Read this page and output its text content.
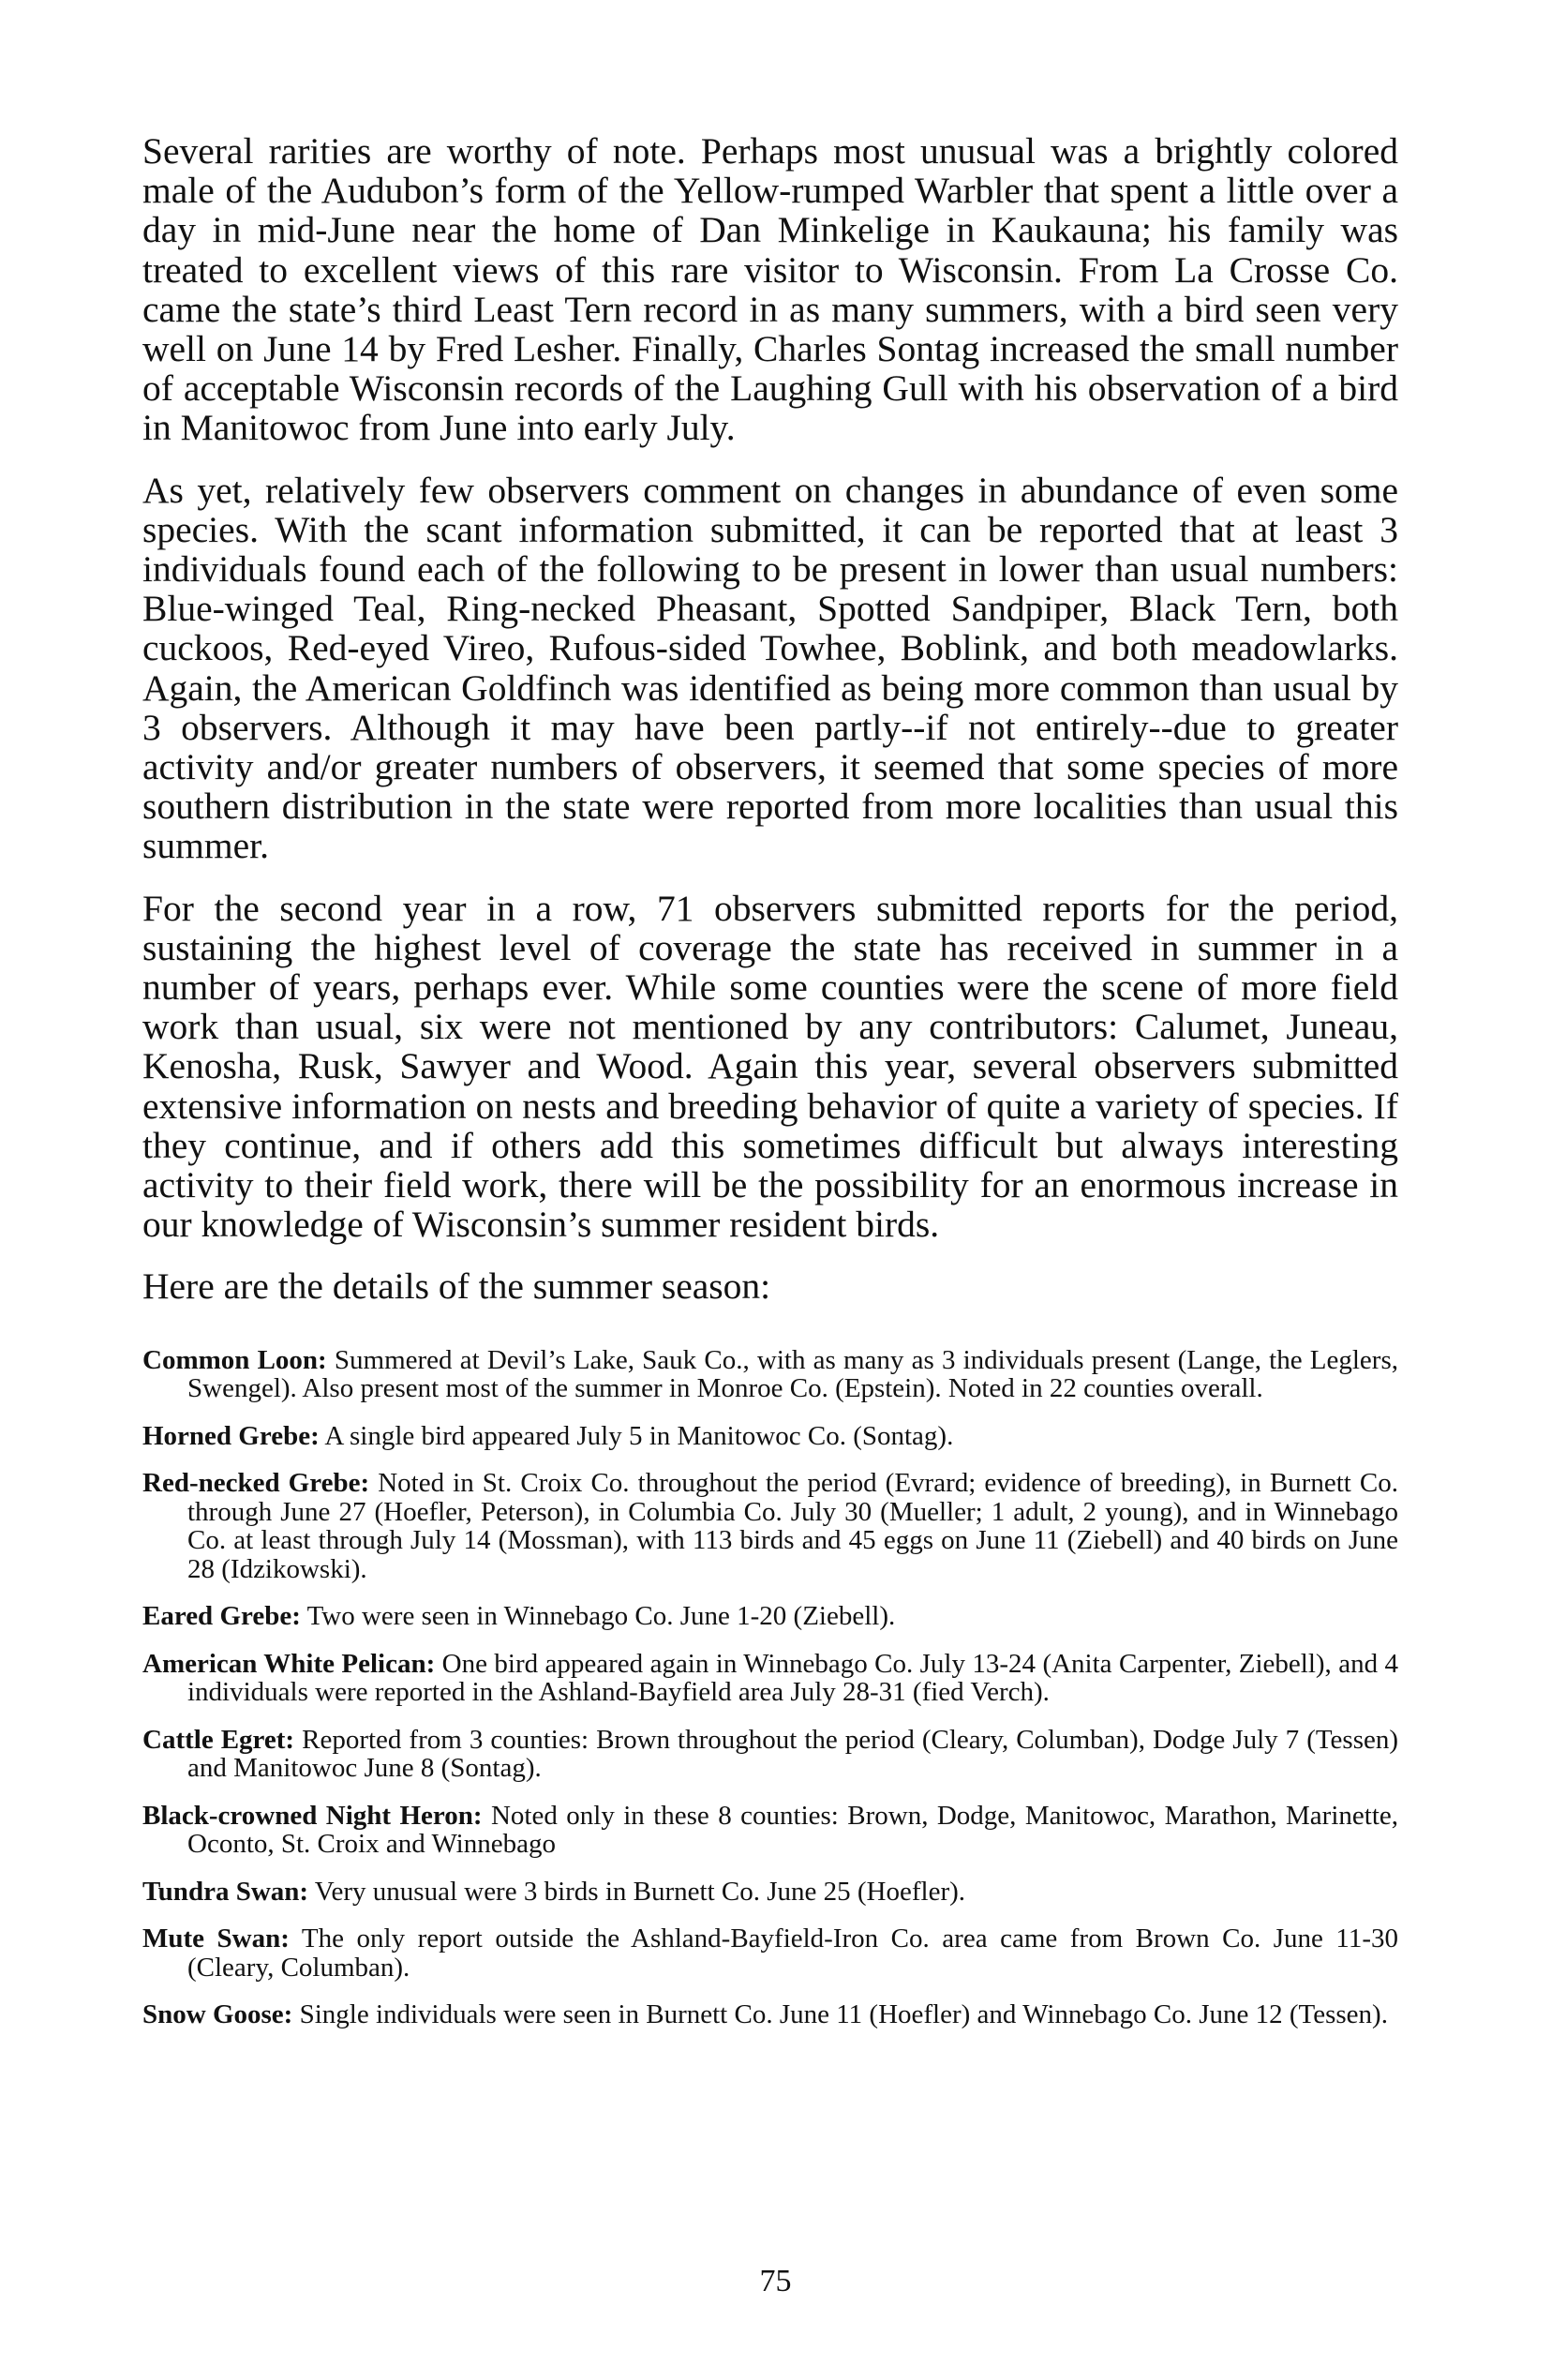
Several rarities are worthy of note. Perhaps most unusual was a brightly colored male of the Audubon’s form of the Yellow-rumped Warbler that spent a little over a day in mid-June near the home of Dan Minkelige in Kaukauna; his family was treated to excellent views of this rare visitor to Wisconsin. From La Crosse Co. came the state’s third Least Tern record in as many summers, with a bird seen very well on June 14 by Fred Lesher. Finally, Charles Sontag increased the small number of acceptable Wisconsin records of the Laughing Gull with his observation of a bird in Manitowoc from June into early July.

As yet, relatively few observers comment on changes in abundance of even some species. With the scant information submitted, it can be reported that at least 3 individuals found each of the following to be present in lower than usual numbers: Blue-winged Teal, Ring-necked Pheasant, Spotted Sandpiper, Black Tern, both cuckoos, Red-eyed Vireo, Rufous-sided Towhee, Boblink, and both meadowlarks. Again, the American Goldfinch was identified as being more common than usual by 3 observers. Although it may have been partly--if not entirely--due to greater activity and/or greater numbers of observers, it seemed that some species of more southern distribution in the state were reported from more localities than usual this summer.

For the second year in a row, 71 observers submitted reports for the period, sustaining the highest level of coverage the state has received in summer in a number of years, perhaps ever. While some counties were the scene of more field work than usual, six were not mentioned by any contributors: Calumet, Juneau, Kenosha, Rusk, Sawyer and Wood. Again this year, several observers submitted extensive information on nests and breeding behavior of quite a variety of species. If they continue, and if others add this sometimes difficult but always interesting activity to their field work, there will be the possibility for an enormous increase in our knowledge of Wisconsin’s summer resident birds.

Here are the details of the summer season:

Common Loon: Summered at Devil’s Lake, Sauk Co., with as many as 3 individuals present (Lange, the Leglers, Swengel). Also present most of the summer in Monroe Co. (Epstein). Noted in 22 counties overall.

Horned Grebe: A single bird appeared July 5 in Manitowoc Co. (Sontag).

Red-necked Grebe: Noted in St. Croix Co. throughout the period (Evrard; evidence of breeding), in Burnett Co. through June 27 (Hoefler, Peterson), in Columbia Co. July 30 (Mueller; 1 adult, 2 young), and in Winnebago Co. at least through July 14 (Mossman), with 113 birds and 45 eggs on June 11 (Ziebell) and 40 birds on June 28 (Idzikowski).

Eared Grebe: Two were seen in Winnebago Co. June 1-20 (Ziebell).

American White Pelican: One bird appeared again in Winnebago Co. July 13-24 (Anita Carpenter, Ziebell), and 4 individuals were reported in the Ashland-Bayfield area July 28-31 (fied Verch).

Cattle Egret: Reported from 3 counties: Brown throughout the period (Cleary, Columban), Dodge July 7 (Tessen) and Manitowoc June 8 (Sontag).

Black-crowned Night Heron: Noted only in these 8 counties: Brown, Dodge, Manitowoc, Marathon, Marinette, Oconto, St. Croix and Winnebago

Tundra Swan: Very unusual were 3 birds in Burnett Co. June 25 (Hoefler).

Mute Swan: The only report outside the Ashland-Bayfield-Iron Co. area came from Brown Co. June 11-30 (Cleary, Columban).

Snow Goose: Single individuals were seen in Burnett Co. June 11 (Hoefler) and Winnebago Co. June 12 (Tessen).

75
